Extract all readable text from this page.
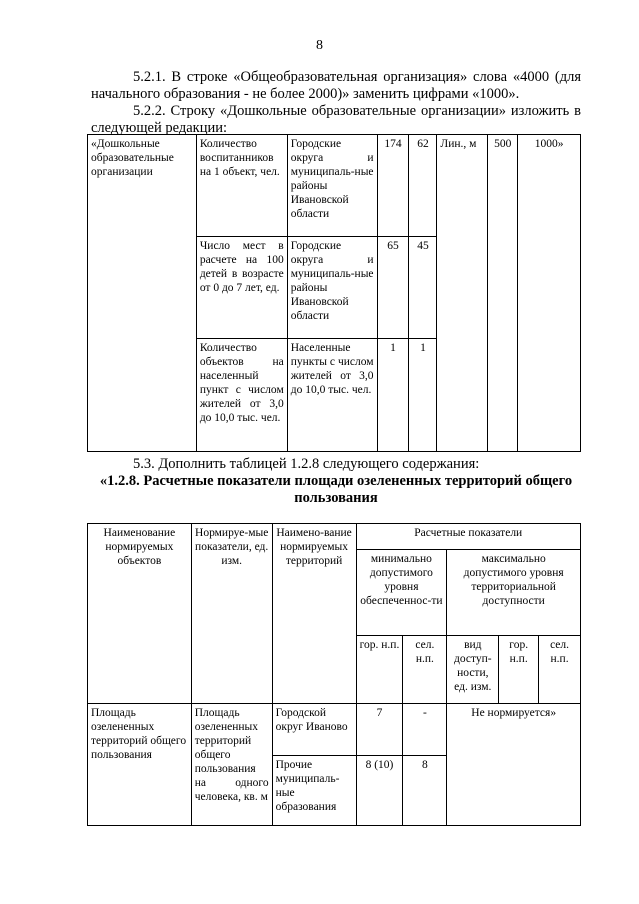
8
5.2.1. В строке «Общеобразовательная организация» слова «4000 (для начального образования - не более 2000)» заменить цифрами «1000».
5.2.2. Строку «Дошкольные образовательные организации» изложить в следующей редакции:
«Дошкольные образовательные организации	Количество воспитанников на 1 объект, чел.	Городские округа и муниципаль-ные районы Ивановской области	174	62	Лин., м	500	1000»
	Число мест в расчете на 100 детей в возрасте от 0 до 7 лет, ед.	Городские округа и муниципаль-ные районы Ивановской области	65	45			
	Количество объектов на населенный пункт с числом жителей от 3,0 до 10,0 тыс. чел.	Населенные пункты с числом жителей от 3,0 до 10,0 тыс. чел.	1	1			
5.3. Дополнить таблицей 1.2.8 следующего содержания:
«1.2.8. Расчетные показатели площади озелененных территорий общего пользования
Наименование нормируемых объектов	Нормируе-мые показатели, ед. изм.	Наимено-вание нормируемых территорий	Расчетные показатели				
			минимально допустимого уровня обеспеченнос-ти		максимально допустимого уровня территориальной доступности		
			гор. н.п.	сел. н.п.	вид доступ-ности, ед. изм.	гор. н.п.	сел. н.п.
Площадь озелененных территорий общего пользования	Площадь озелененных территорий общего пользования на одного человека, кв. м	Городской округ Иваново	7	-	Не нормируется»		
		Прочие муниципаль-ные образования	8 (10)	8			
